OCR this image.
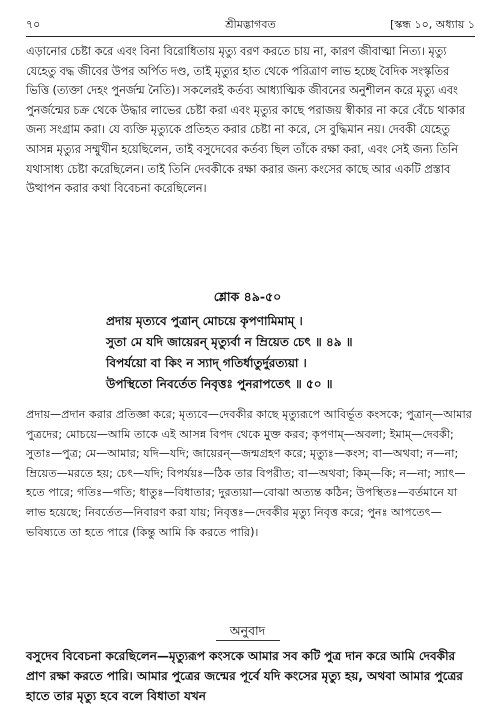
৭০	শ্রীমদ্ভাগবত	[স্কন্ধ ১০, অধ্যায় ১
এড়ানোর চেষ্টা করে এবং বিনা বিরোধিতায় মৃত্যু বরণ করতে চায় না, কারণ জীবাত্মা নিত্য। মৃত্যু যেহেতু বদ্ধ জীবের উপর অর্পিত দণ্ড, তাই মৃত্যুর হাত থেকে পরিত্রাণ লাভ হচ্ছে বৈদিক সংস্কৃতির ভিত্তি (ত্যক্তা দেহং পুনর্জন্ম নৈতি)। সকলেরই কর্তব্য আধ্যাত্মিক জীবনের অনুশীলন করে মৃত্যু এবং পুনর্জন্মের চক্র থেকে উদ্ধার লাভের চেষ্টা করা এবং মৃত্যুর কাছে পরাজয় স্বীকার না করে বেঁচে থাকার জন্য সংগ্রাম করা। যে ব্যক্তি মৃত্যুকে প্রতিহত করার চেষ্টা না করে, সে বুদ্ধিমান নয়। দেবকী যেহেতু আসন্ন মৃত্যুর সম্মুখীন হয়েছিলেন, তাই বসুদেবের কর্তব্য ছিল তাঁকে রক্ষা করা, এবং সেই জন্য তিনি যথাসাধ্য চেষ্টা করেছিলেন। তাই তিনি দেবকীকে রক্ষা করার জন্য কংসের কাছে আর একটি প্রস্তাব উত্থাপন করার কথা বিবেচনা করেছিলেন।
শ্লোক ৪৯-৫০
প্রদায় মৃত্যবে পুত্রান্ মোচয়ে কৃপণামিমাম্ ।
সুতা মে যদি জায়েরন্ মৃত্যুর্বা ন ম্রিয়েত চেৎ ॥ ৪৯ ॥
বিপর্যয়ো বা কিং ন স্যাদ্ গতির্ধাতুর্দুরত্যয়া ।
উপস্থিতো নিবর্তেত নিবৃত্তঃ পুনরাপতেৎ ॥ ৫০ ॥
প্রদায়—প্রদান করার প্রতিজ্ঞা করে; মৃত্যবে—দেবকীর কাছে মৃত্যুরূপে আবির্ভূত কংসকে; পুত্রান্—আমার পুত্রদের; মোচয়ে—আমি তাকে এই আসন্ন বিপদ থেকে মুক্ত করব; কৃপণাম্—অবলা; ইমাম্—দেবকী; সুতাঃ—পুত্র; মে—আমার; যদি—যদি; জায়েরন্—জন্মগ্রহণ করে; মৃত্যুঃ—কংস; বা—অথবা; ন—না; ম্রিয়েত—মরতে হয়; চেৎ—যদি; বিপর্যয়ঃ—ঠিক তার বিপরীত; বা—অথবা; কিম্—কি; ন—না; স্যাৎ—হতে পারে; গতিঃ—গতি; ধাতুঃ—বিধাতার; দুরত্যয়া—বোঝা অত্যন্ত কঠিন; উপস্থিতঃ—বর্তমানে যা লাভ হয়েছে; নিবর্তেত—নিবারণ করা যায়; নিবৃত্তঃ—দেবকীর মৃত্যু নিবৃত্ত করে; পুনঃ আপতেৎ—ভবিষ্যতে তা হতে পারে (কিন্তু আমি কি করতে পারি)।
অনুবাদ
বসুদেব বিবেচনা করেছিলেন—মৃত্যুরূপ কংসকে আমার সব কটি পুত্র দান করে আমি দেবকীর প্রাণ রক্ষা করতে পারি। আমার পুত্রের জন্মের পূর্বে যদি কংসের মৃত্যু হয়, অথবা আমার পুত্রের হাতে তার মৃত্যু হবে বলে বিধাতা যখন
